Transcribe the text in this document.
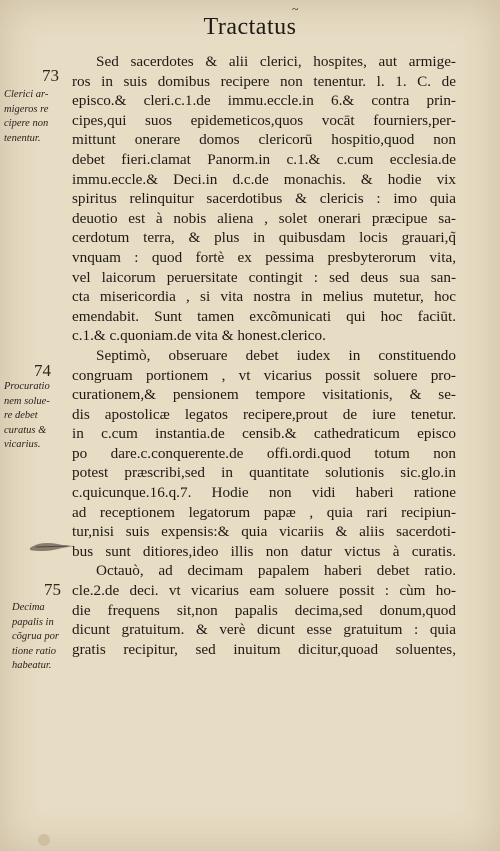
~
Tractatus
73
74
75
Clerici ar-
migeros re
cipere non
tenentur.
Procuratio
nem solue-
re debet
curatus &
vicarius.
Decima
papalis in
cõgrua por
tione ratio
habeatur.
Sed sacerdotes & alii clerici, hospites, aut armige-
ros in suis domibus recipere non tenentur. l. 1. C. de
episco.& cleri.c.1.de immu.eccle.in 6.& contra prin-
cipes,qui suos epidemeticos,quos vocāt fourniers,per-
mittunt onerare domos clericorū hospitio,quod non
debet fieri.clamat Panorm.in c.1.& c.cum ecclesia.de
immu.eccle.& Deci.in d.c.de monachis. & hodie vix
spiritus relinquitur sacerdotibus & clericis : imo quia
deuotio est à nobis aliena , solet onerari præcipue sa-
cerdotum terra, & plus in quibusdam locis grauari,q̃
vnquam : quod fortè ex pessima presbyterorum vita,
vel laicorum peruersitate contingit : sed deus sua san-
cta misericordia , si vita nostra in melius mutetur, hoc
emendabit. Sunt tamen excõmunicati qui hoc faciūt.
c.1.& c.quoniam.de vita & honest.clerico.
Septimò, obseruare debet iudex in constituendo
congruam portionem , vt vicarius possit soluere pro-
curationem,& pensionem tempore visitationis, & se-
dis apostolicæ legatos recipere,prout de iure tenetur.
in c.cum instantia.de censib.& cathedraticum episco
po dare.c.conquerente.de offi.ordi.quod totum non
potest præscribi,sed in quantitate solutionis sic.glo.in
c.quicunque.16.q.7. Hodie non vidi haberi ratione
ad receptionem legatorum papæ , quia rari recipiun-
tur,nisi suis expensis:& quia vicariis & aliis sacerdoti-
bus sunt ditiores,ideo illis non datur victus à curatis.
Octauò, ad decimam papalem haberi debet ratio.
cle.2.de deci. vt vicarius eam soluere possit : cùm ho-
die frequens sit,non papalis decima,sed donum,quod
dicunt gratuitum. & verè dicunt esse gratuitum : quia
gratis recipitur, sed inuitum dicitur,quoad soluentes,
